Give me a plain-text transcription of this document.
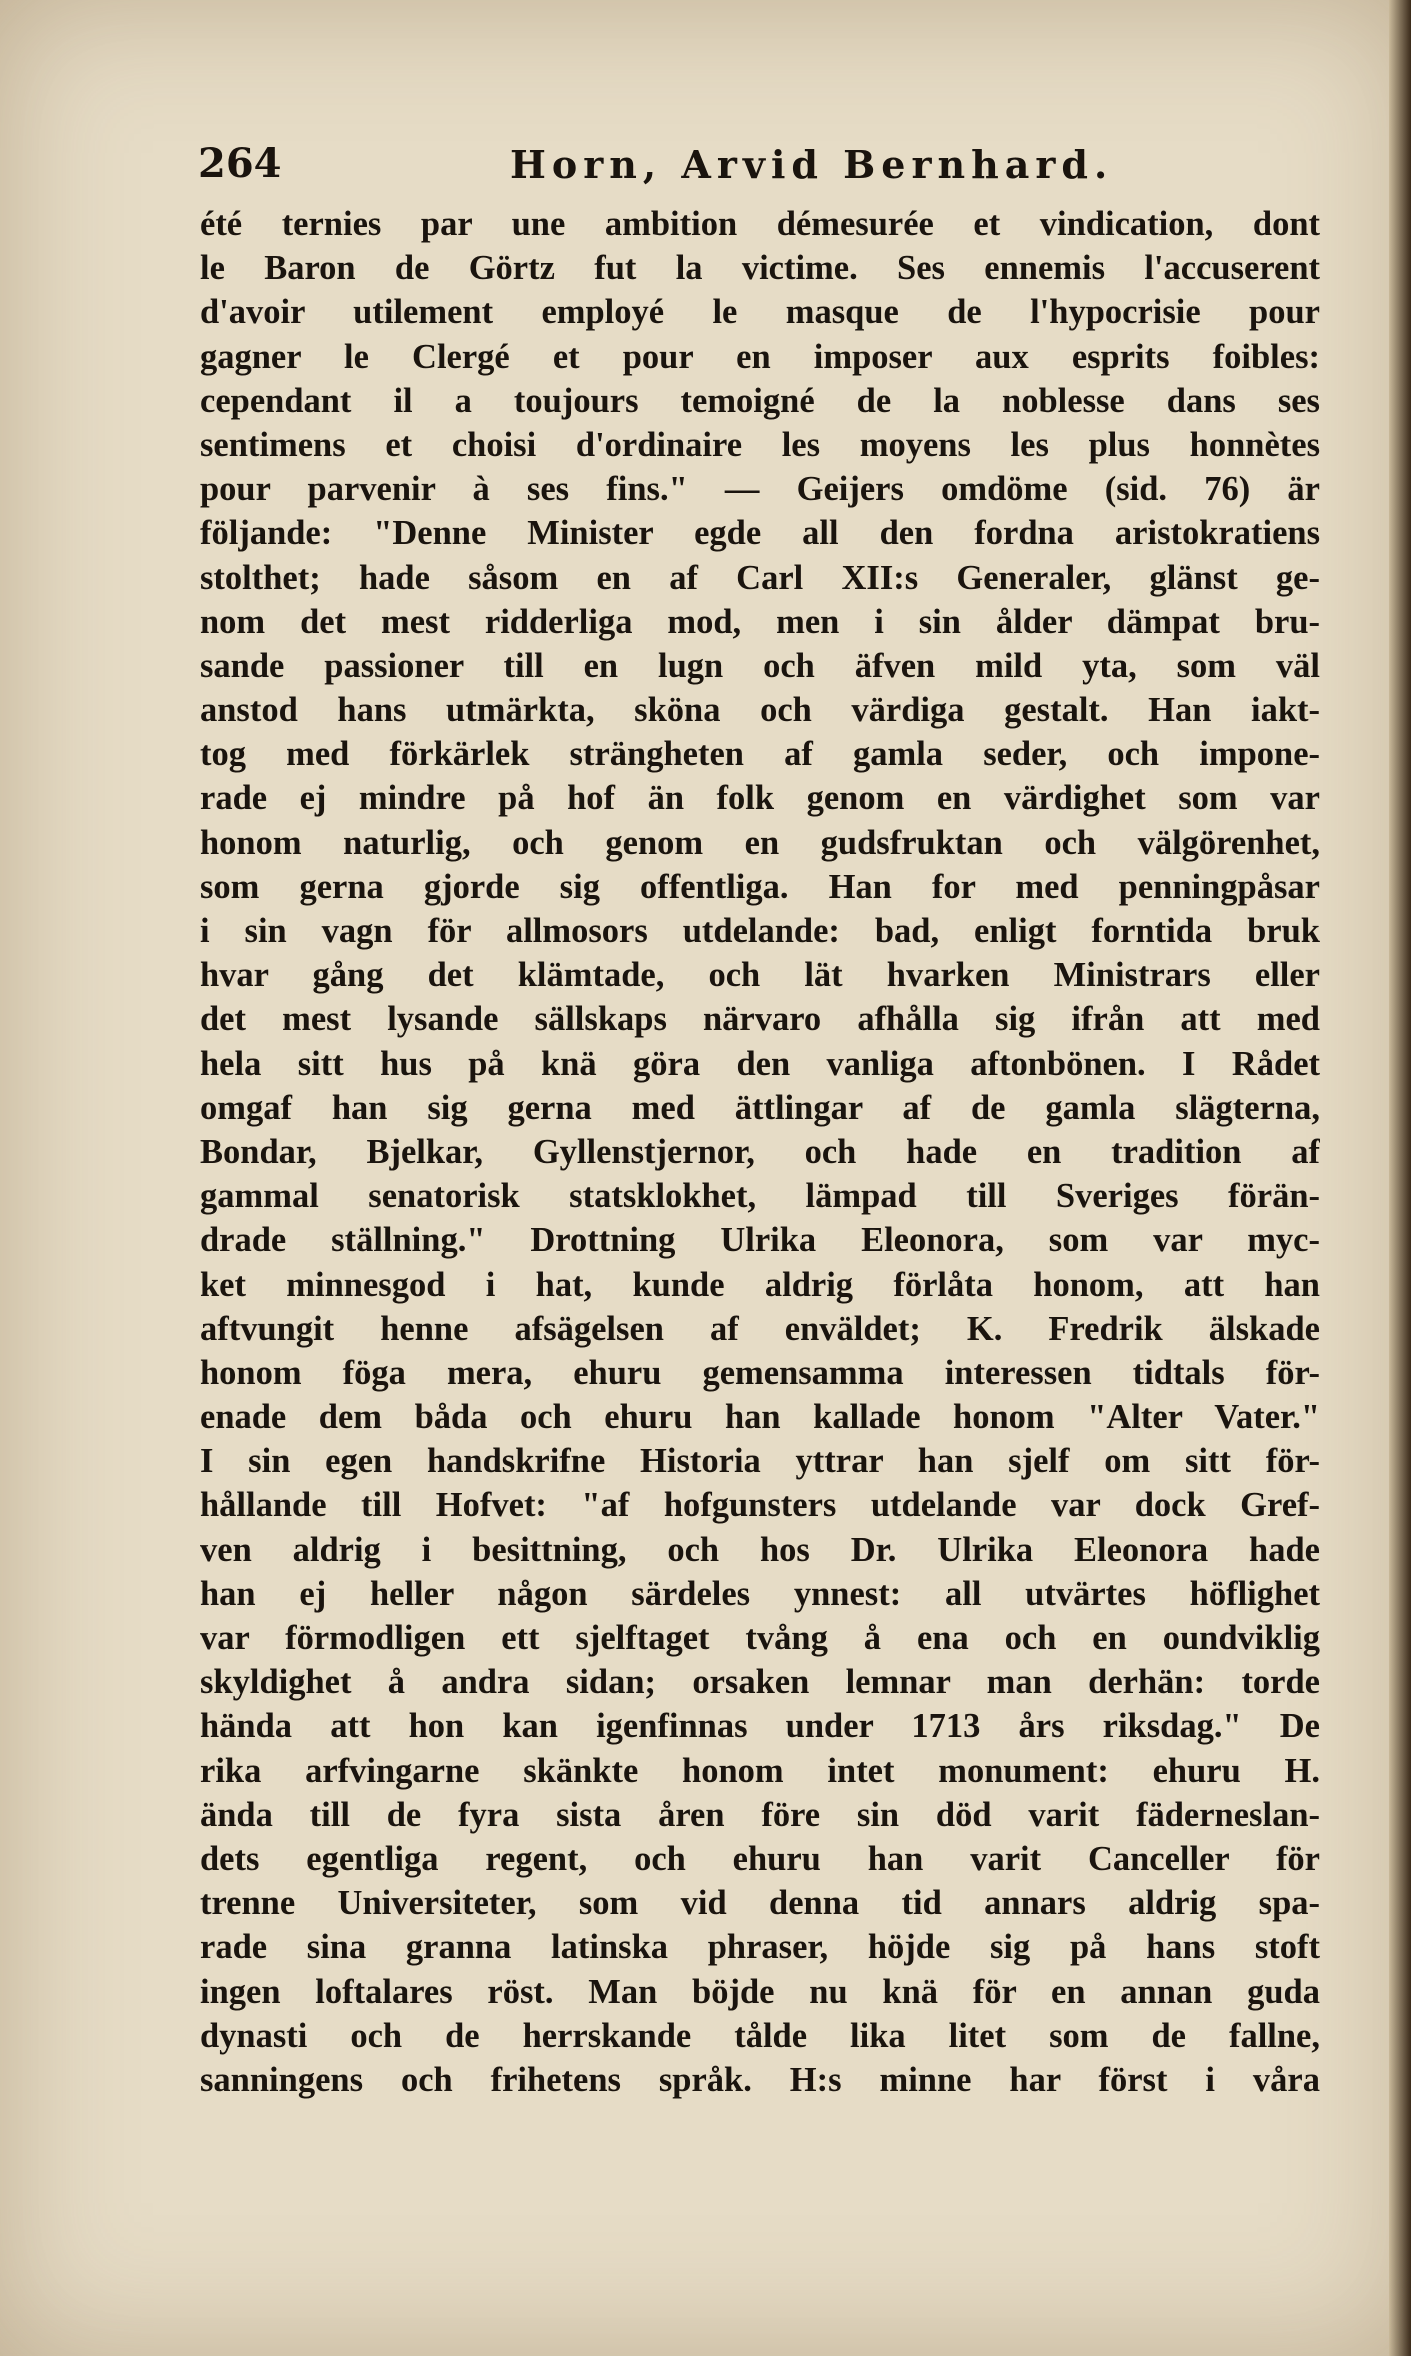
264	Horn, Arvid Bernhard.
été ternies par une ambition démesurée et vindication, dont
le Baron de Görtz fut la victime. Ses ennemis l'accuserent
d'avoir utilement employé le masque de l'hypocrisie pour
gagner le Clergé et pour en imposer aux esprits foibles:
cependant il a toujours temoigné de la noblesse dans ses
sentimens et choisi d'ordinaire les moyens les plus honnètes
pour parvenir à ses fins." — Geijers omdöme (sid. 76) är
följande: "Denne Minister egde all den fordna aristokratiens
stolthet; hade såsom en af Carl XII:s Generaler, glänst ge-
nom det mest ridderliga mod, men i sin ålder dämpat bru-
sande passioner till en lugn och äfven mild yta, som väl
anstod hans utmärkta, sköna och värdiga gestalt. Han iakt-
tog med förkärlek strängheten af gamla seder, och impone-
rade ej mindre på hof än folk genom en värdighet som var
honom naturlig, och genom en gudsfruktan och välgörenhet,
som gerna gjorde sig offentliga. Han for med penningpåsar
i sin vagn för allmosors utdelande: bad, enligt forntida bruk
hvar gång det klämtade, och lät hvarken Ministrars eller
det mest lysande sällskaps närvaro afhålla sig ifrån att med
hela sitt hus på knä göra den vanliga aftonbönen. I Rådet
omgaf han sig gerna med ättlingar af de gamla slägterna,
Bondar, Bjelkar, Gyllenstjernor, och hade en tradition af
gammal senatorisk statsklokhet, lämpad till Sveriges förän-
drade ställning." Drottning Ulrika Eleonora, som var myc-
ket minnesgod i hat, kunde aldrig förlåta honom, att han
aftvungit henne afsägelsen af enväldet; K. Fredrik älskade
honom föga mera, ehuru gemensamma interessen tidtals för-
enade dem båda och ehuru han kallade honom "Alter Vater."
I sin egen handskrifne Historia yttrar han sjelf om sitt för-
hållande till Hofvet: "af hofgunsters utdelande var dock Gref-
ven aldrig i besittning, och hos Dr. Ulrika Eleonora hade
han ej heller någon särdeles ynnest: all utvärtes höflighet
var förmodligen ett sjelftaget tvång å ena och en oundviklig
skyldighet å andra sidan; orsaken lemnar man derhän: torde
hända att hon kan igenfinnas under 1713 års riksdag." De
rika arfvingarne skänkte honom intet monument: ehuru H.
ända till de fyra sista åren före sin död varit fäderneslan-
dets egentliga regent, och ehuru han varit Canceller för
trenne Universiteter, som vid denna tid annars aldrig spa-
rade sina granna latinska phraser, höjde sig på hans stoft
ingen loftalares röst. Man böjde nu knä för en annan guda
dynasti och de herrskande tålde lika litet som de fallne,
sanningens och frihetens språk. H:s minne har först i våra
